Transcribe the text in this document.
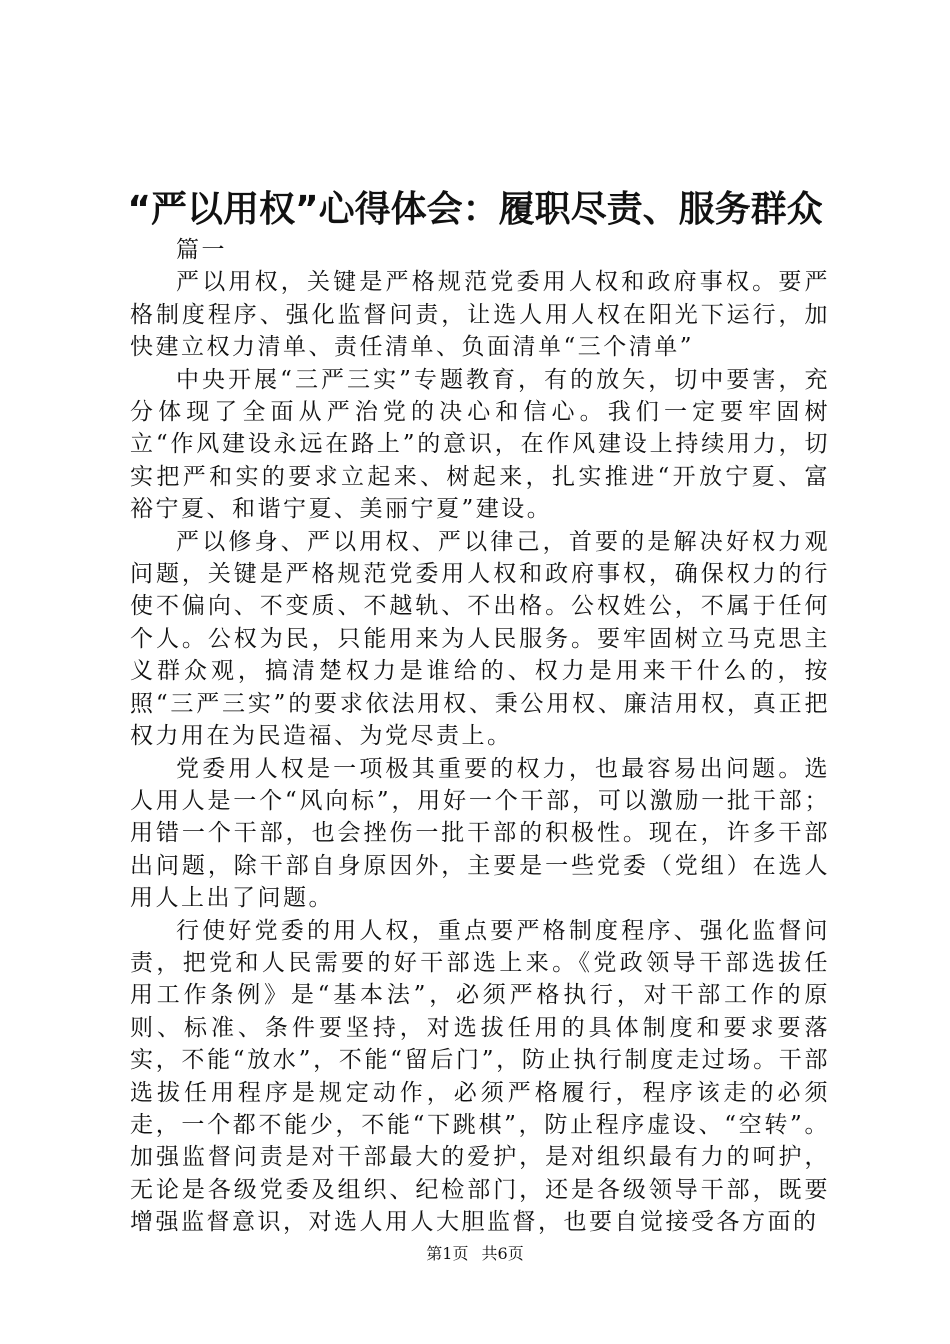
“严以用权”心得体会：履职尽责、服务群众

篇一

严以用权，关键是严格规范党委用人权和政府事权。要严格制度程序、强化监督问责，让选人用人权在阳光下运行，加快建立权力清单、责任清单、负面清单“三个清单”

中央开展“三严三实”专题教育，有的放矢，切中要害，充分体现了全面从严治党的决心和信心。我们一定要牢固树立“作风建设永远在路上”的意识，在作风建设上持续用力，切实把严和实的要求立起来、树起来，扎实推进“开放宁夏、富裕宁夏、和谐宁夏、美丽宁夏”建设。

严以修身、严以用权、严以律己，首要的是解决好权力观问题，关键是严格规范党委用人权和政府事权，确保权力的行使不偏向、不变质、不越轨、不出格。公权姓公，不属于任何个人。公权为民，只能用来为人民服务。要牢固树立马克思主义群众观，搞清楚权力是谁给的、权力是用来干什么的，按照“三严三实”的要求依法用权、秉公用权、廉洁用权，真正把权力用在为民造福、为党尽责上。

党委用人权是一项极其重要的权力，也最容易出问题。选人用人是一个“风向标”，用好一个干部，可以激励一批干部；用错一个干部，也会挫伤一批干部的积极性。现在，许多干部出问题，除干部自身原因外，主要是一些党委（党组）在选人用人上出了问题。

行使好党委的用人权，重点要严格制度程序、强化监督问责，把党和人民需要的好干部选上来。《党政领导干部选拔任用工作条例》是“基本法”，必须严格执行，对干部工作的原则、标准、条件要坚持，对选拔任用的具体制度和要求要落实，不能“放水”，不能“留后门”，防止执行制度走过场。干部选拔任用程序是规定动作，必须严格履行，程序该走的必须走，一个都不能少，不能“下跳棋”，防止程序虚设、“空转”。加强监督问责是对干部最大的爱护，是对组织最有力的呵护，无论是各级党委及组织、纪检部门，还是各级领导干部，既要增强监督意识，对选人用人大胆监督，也要自觉接受各方面的

第1页 共6页
